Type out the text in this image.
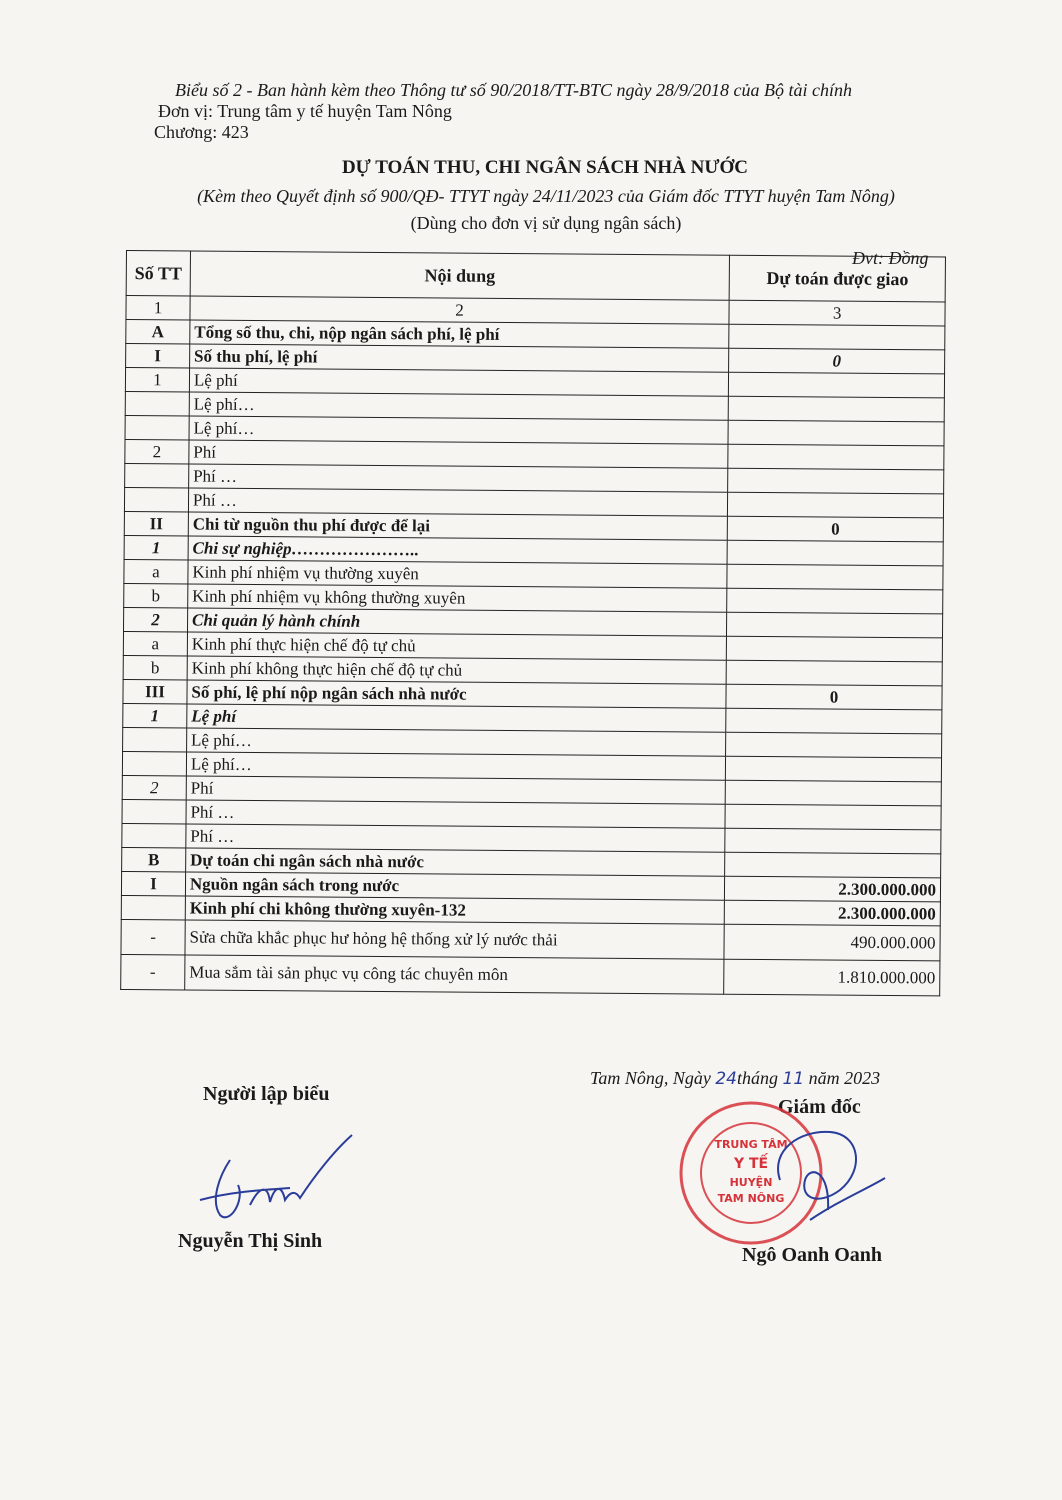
Biểu số 2 - Ban hành kèm theo Thông tư số 90/2018/TT-BTC ngày 28/9/2018 của Bộ tài chính
Đơn vị: Trung tâm y tế huyện Tam Nông
Chương: 423
DỰ TOÁN THU, CHI NGÂN SÁCH NHÀ NƯỚC
(Kèm theo Quyết định số 900/QĐ- TTYT ngày 24/11/2023 của Giám đốc TTYT huyện Tam Nông)
(Dùng cho đơn vị sử dụng ngân sách)
Đvt: Đồng
Số TT	Nội dung	Dự toán được giao
1	2	3
A	Tổng số thu, chi, nộp ngân sách phí, lệ phí	
I	Số thu phí, lệ phí	0
1	Lệ phí	
	Lệ phí…	
	Lệ phí…	
2	Phí	
	Phí …	
	Phí …	
II	Chi từ nguồn thu phí được để lại	0
1	Chi sự nghiệp…………………..	
a	Kinh phí nhiệm vụ thường xuyên	
b	Kinh phí nhiệm vụ không thường xuyên	
2	Chi quản lý hành chính	
a	Kinh phí thực hiện chế độ tự chủ	
b	Kinh phí không thực hiện chế độ tự chủ	
III	Số phí, lệ phí nộp ngân sách nhà nước	0
1	Lệ phí	
	Lệ phí…	
	Lệ phí…	
2	Phí	
	Phí …	
	Phí …	
B	Dự toán chi ngân sách nhà nước	
I	Nguồn ngân sách trong nước	2.300.000.000
	Kinh phí chi không thường xuyên-132	2.300.000.000
-	Sửa chữa khắc phục hư hỏng hệ thống xử lý nước thải	490.000.000
-	Mua sắm tài sản phục vụ công tác chuyên môn	1.810.000.000
Tam Nông, Ngày 24tháng 11 năm 2023
Người lập biểu
Giám đốc
TRUNG TÂM
Y TẾ
HUYỆN
TAM NÔNG
Nguyễn Thị Sinh
Ngô Oanh Oanh
